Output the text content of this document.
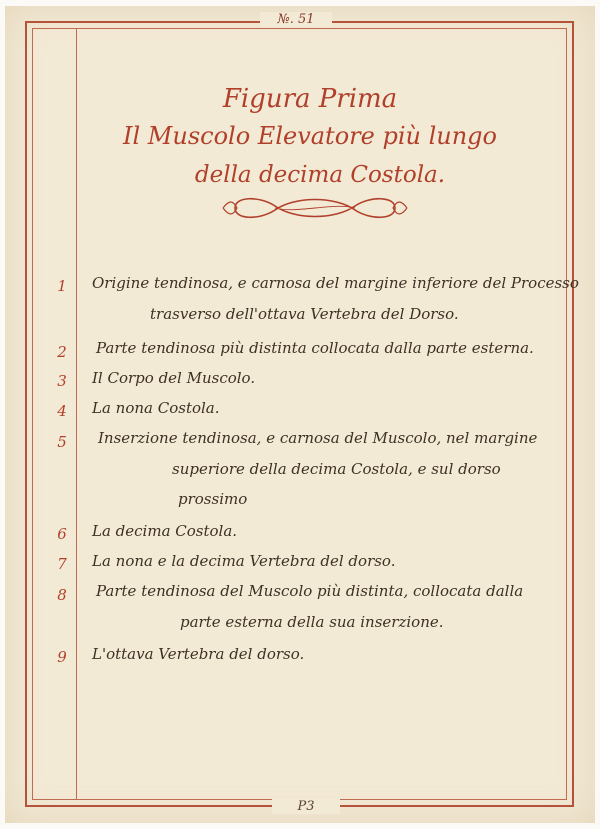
№. 51
P3
Figura Prima
Il Muscolo Elevatore più lungo
della decima Costola.
1	Origine tendinosa, e carnosa del margine inferiore del Processo
trasverso dell'ottava Vertebra del Dorso.
2	Parte tendinosa più distinta collocata dalla parte esterna.
3	Il Corpo del Muscolo.
4	La nona Costola.
5	Inserzione tendinosa, e carnosa del Muscolo, nel margine
superiore della decima Costola, e sul dorso
prossimo
6	La decima Costola.
7	La nona e la decima Vertebra del dorso.
8	Parte tendinosa del Muscolo più distinta, collocata dalla
parte esterna della sua inserzione.
9	L'ottava Vertebra del dorso.
